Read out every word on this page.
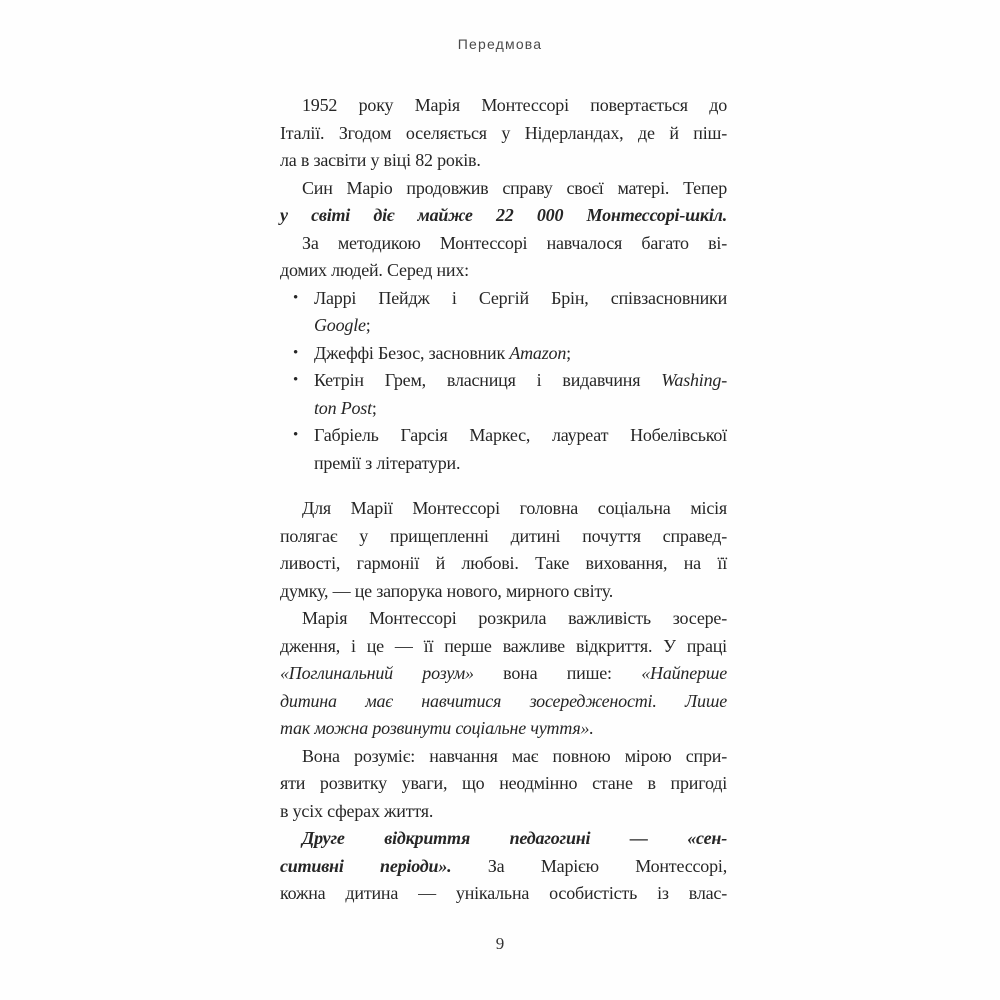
Передмова
1952 року Марія Монтессорі повертається до
Італії. Згодом оселяється у Нідерландах, де й піш-
ла в засвіти у віці 82 років.
Син Маріо продовжив справу своєї матері. Тепер
у світі діє майже 22 000 Монтессорі-шкіл.
За методикою Монтессорі навчалося багато ві-
домих людей. Серед них:
• Ларрі Пейдж і Сергій Брін, співзасновники
Google;
• Джеффі Безос, засновник Amazon;
• Кетрін Грем, власниця і видавчиня Washing-
ton Post;
• Габріель Гарсія Маркес, лауреат Нобелівської
премії з літератури.
Для Марії Монтессорі головна соціальна місія
полягає у прищепленні дитині почуття справед-
ливості, гармонії й любові. Таке виховання, на її
думку, — це запорука нового, мирного світу.
Марія Монтессорі розкрила важливість зосере-
дження, і це — її перше важливе відкриття. У праці
«Поглинальний розум» вона пише: «Найперше
дитина має навчитися зосередженості. Лише
так можна розвинути соціальне чуття».
Вона розуміє: навчання має повною мірою спри-
яти розвитку уваги, що неодмінно стане в пригоді
в усіх сферах життя.
Друге відкриття педагогині — «сен-
ситивні періоди». За Марією Монтессорі,
кожна дитина — унікальна особистість із влас-
9
